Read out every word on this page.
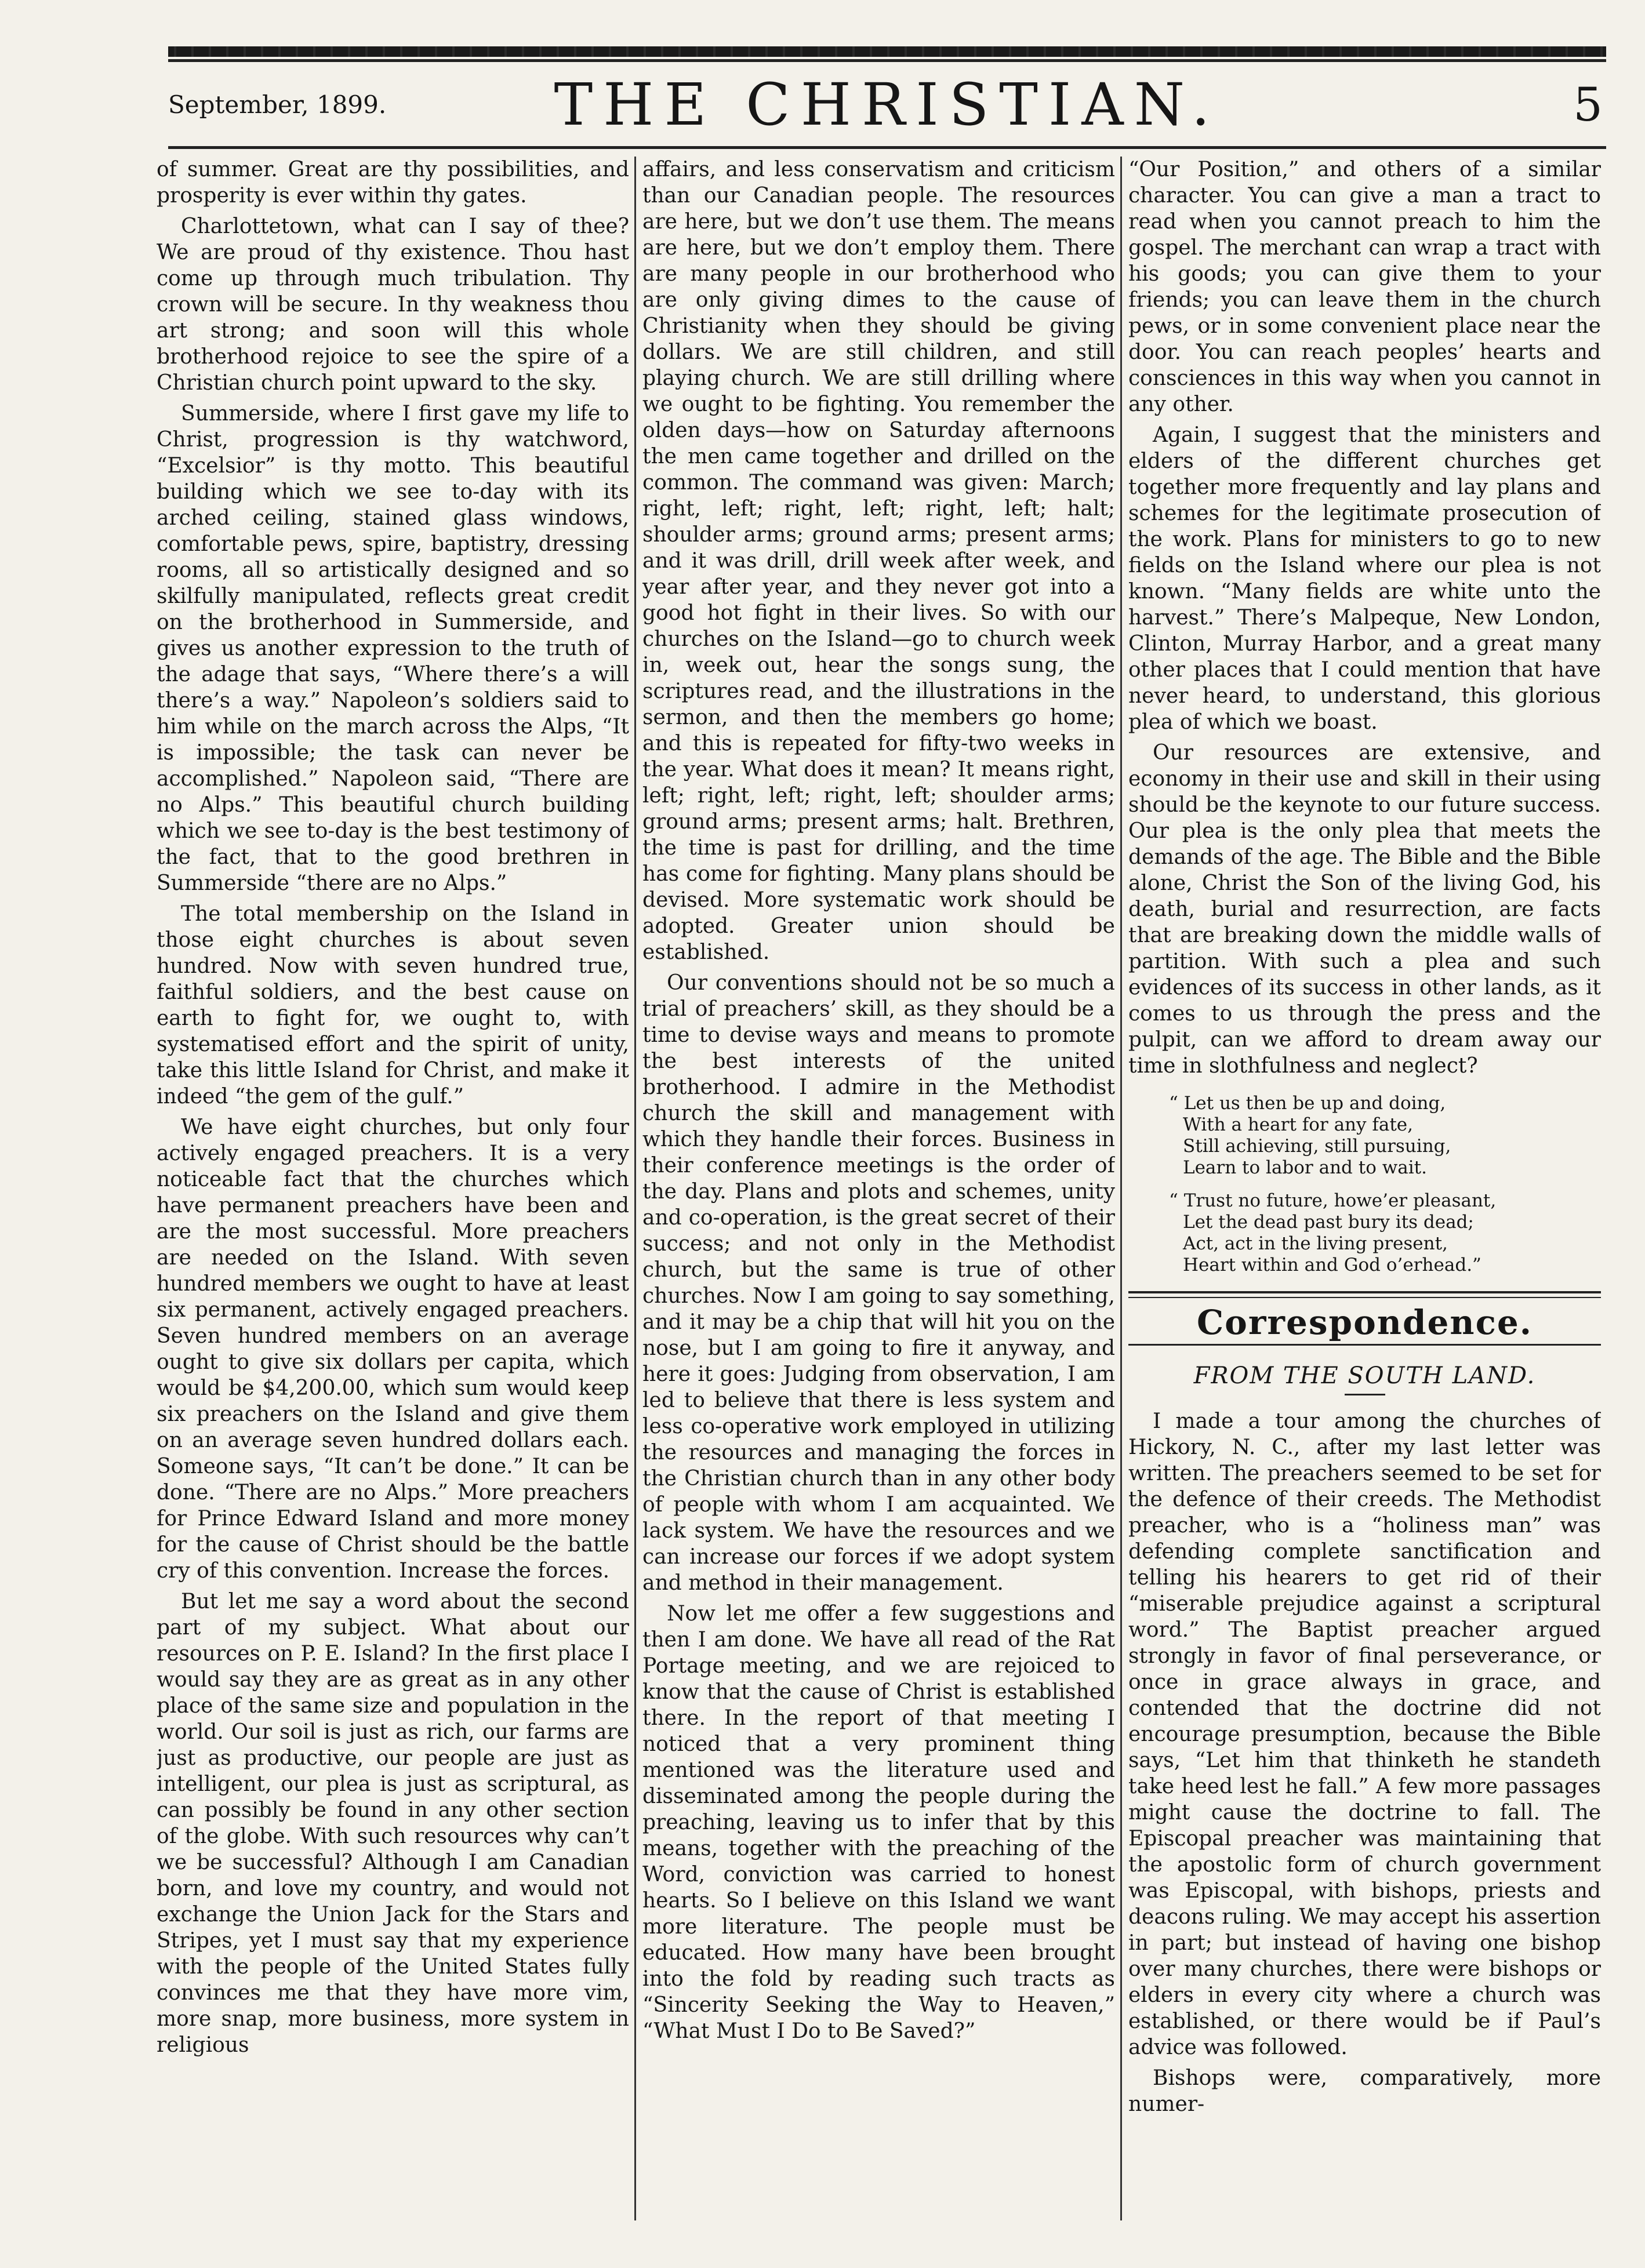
September, 1899.	THE CHRISTIAN.	5

of summer. Great are thy possibilities, and prosperity is ever within thy gates.

Charlottetown, what can I say of thee? We are proud of thy existence. Thou hast come up through much tribulation. Thy crown will be secure. In thy weakness thou art strong; and soon will this whole brotherhood rejoice to see the spire of a Christian church point upward to the sky.

Summerside, where I first gave my life to Christ, progression is thy watchword, “Excelsior” is thy motto. This beautiful building which we see to-day with its arched ceiling, stained glass windows, comfortable pews, spire, baptistry, dressing rooms, all so artistically designed and so skilfully manipulated, reflects great credit on the brotherhood in Summerside, and gives us another expression to the truth of the adage that says, “Where there’s a will there’s a way.” Napoleon’s soldiers said to him while on the march across the Alps, “It is impossible; the task can never be accomplished.” Napoleon said, “There are no Alps.” This beautiful church building which we see to-day is the best testimony of the fact, that to the good brethren in Summerside “there are no Alps.”

The total membership on the Island in those eight churches is about seven hundred. Now with seven hundred true, faithful soldiers, and the best cause on earth to fight for, we ought to, with systematised effort and the spirit of unity, take this little Island for Christ, and make it indeed “the gem of the gulf.”

We have eight churches, but only four actively engaged preachers. It is a very noticeable fact that the churches which have permanent preachers have been and are the most successful. More preachers are needed on the Island. With seven hundred members we ought to have at least six permanent, actively engaged preachers. Seven hundred members on an average ought to give six dollars per capita, which would be $4,200.00, which sum would keep six preachers on the Island and give them on an average seven hundred dollars each. Someone says, “It can’t be done.” It can be done. “There are no Alps.” More preachers for Prince Edward Island and more money for the cause of Christ should be the battle cry of this convention. Increase the forces.

But let me say a word about the second part of my subject. What about our resources on P. E. Island? In the first place I would say they are as great as in any other place of the same size and population in the world. Our soil is just as rich, our farms are just as productive, our people are just as intelligent, our plea is just as scriptural, as can possibly be found in any other section of the globe. With such resources why can’t we be successful? Although I am Canadian born, and love my country, and would not exchange the Union Jack for the Stars and Stripes, yet I must say that my experience with the people of the United States fully convinces me that they have more vim, more snap, more business, more system in religious

affairs, and less conservatism and criticism than our Canadian people. The resources are here, but we don’t use them. The means are here, but we don’t employ them. There are many people in our brotherhood who are only giving dimes to the cause of Christianity when they should be giving dollars. We are still children, and still playing church. We are still drilling where we ought to be fighting. You remember the olden days—how on Saturday afternoons the men came together and drilled on the common. The command was given: March; right, left; right, left; right, left; halt; shoulder arms; ground arms; present arms; and it was drill, drill week after week, and year after year, and they never got into a good hot fight in their lives. So with our churches on the Island—go to church week in, week out, hear the songs sung, the scriptures read, and the illustrations in the sermon, and then the members go home; and this is repeated for fifty-two weeks in the year. What does it mean? It means right, left; right, left; right, left; shoulder arms; ground arms; present arms; halt. Brethren, the time is past for drilling, and the time has come for fighting. Many plans should be devised. More systematic work should be adopted. Greater union should be established.

Our conventions should not be so much a trial of preachers’ skill, as they should be a time to devise ways and means to promote the best interests of the united brotherhood. I admire in the Methodist church the skill and management with which they handle their forces. Business in their conference meetings is the order of the day. Plans and plots and schemes, unity and co-operation, is the great secret of their success; and not only in the Methodist church, but the same is true of other churches. Now I am going to say something, and it may be a chip that will hit you on the nose, but I am going to fire it anyway, and here it goes: Judging from observation, I am led to believe that there is less system and less co-operative work employed in utilizing the resources and managing the forces in the Christian church than in any other body of people with whom I am acquainted. We lack system. We have the resources and we can increase our forces if we adopt system and method in their management.

Now let me offer a few suggestions and then I am done. We have all read of the Rat Portage meeting, and we are rejoiced to know that the cause of Christ is established there. In the report of that meeting I noticed that a very prominent thing mentioned was the literature used and disseminated among the people during the preaching, leaving us to infer that by this means, together with the preaching of the Word, conviction was carried to honest hearts. So I believe on this Island we want more literature. The people must be educated. How many have been brought into the fold by reading such tracts as “Sincerity Seeking the Way to Heaven,” “What Must I Do to Be Saved?”

“Our Position,” and others of a similar character. You can give a man a tract to read when you cannot preach to him the gospel. The merchant can wrap a tract with his goods; you can give them to your friends; you can leave them in the church pews, or in some convenient place near the door. You can reach peoples’ hearts and consciences in this way when you cannot in any other.

Again, I suggest that the ministers and elders of the different churches get together more frequently and lay plans and schemes for the legitimate prosecution of the work. Plans for ministers to go to new fields on the Island where our plea is not known. “Many fields are white unto the harvest.” There’s Malpeque, New London, Clinton, Murray Harbor, and a great many other places that I could mention that have never heard, to understand, this glorious plea of which we boast.

Our resources are extensive, and economy in their use and skill in their using should be the keynote to our future success. Our plea is the only plea that meets the demands of the age. The Bible and the Bible alone, Christ the Son of the living God, his death, burial and resurrection, are facts that are breaking down the middle walls of partition. With such a plea and such evidences of its success in other lands, as it comes to us through the press and the pulpit, can we afford to dream away our time in slothfulness and neglect?

“ Let us then be up and doing,
With a heart for any fate,
Still achieving, still pursuing,
Learn to labor and to wait.
“ Trust no future, howe’er pleasant,
Let the dead past bury its dead;
Act, act in the living present,
Heart within and God o’erhead.”
Correspondence.
FROM THE SOUTH LAND.

I made a tour among the churches of Hickory, N. C., after my last letter was written. The preachers seemed to be set for the defence of their creeds. The Methodist preacher, who is a “holiness man” was defending complete sanctification and telling his hearers to get rid of their “miserable prejudice against a scriptural word.” The Baptist preacher argued strongly in favor of final perseverance, or once in grace always in grace, and contended that the doctrine did not encourage presumption, because the Bible says, “Let him that thinketh he standeth take heed lest he fall.” A few more passages might cause the doctrine to fall. The Episcopal preacher was maintaining that the apostolic form of church government was Episcopal, with bishops, priests and deacons ruling. We may accept his assertion in part; but instead of having one bishop over many churches, there were bishops or elders in every city where a church was established, or there would be if Paul’s advice was followed.

Bishops were, comparatively, more numer-
